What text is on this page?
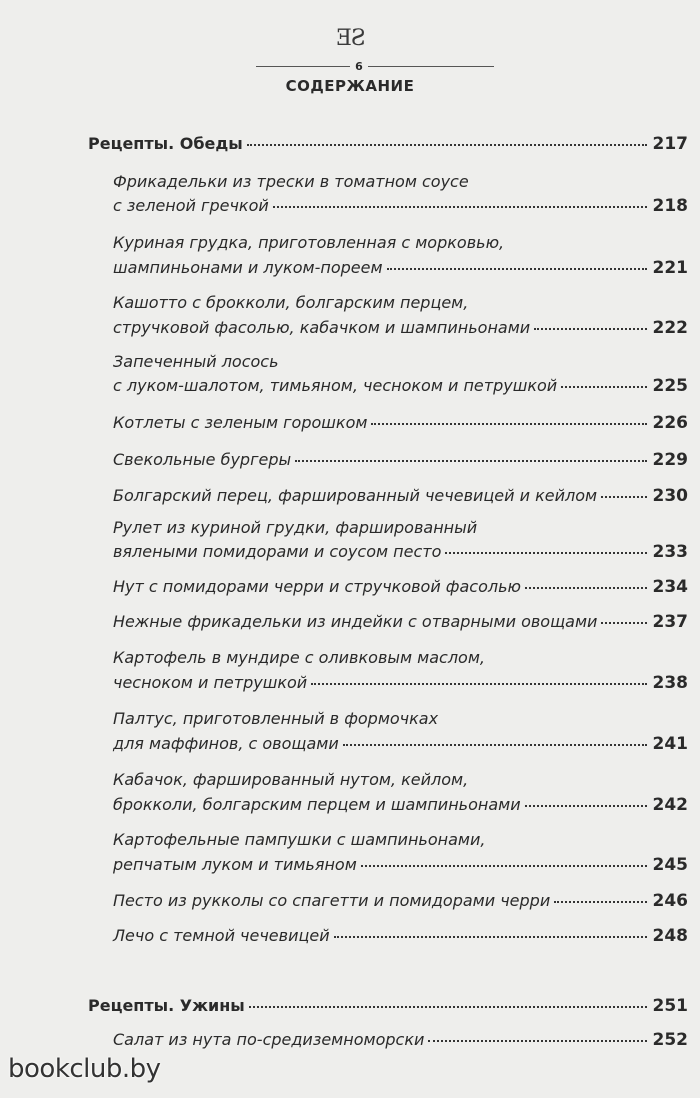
ƎƧ
6
СОДЕРЖАНИЕ
Рецепты. Обеды	217
Фрикадельки из трески в томатном соусе
с зеленой гречкой	218
Куриная грудка, приготовленная с морковью,
шампиньонами и луком-пореем	221
Кашотто с брокколи, болгарским перцем,
стручковой фасолью, кабачком и шампиньонами	222
Запеченный лосось
с луком-шалотом, тимьяном, чесноком и петрушкой	225
Котлеты с зеленым горошком	226
Свекольные бургеры	229
Болгарский перец, фаршированный чечевицей и кейлом	230
Рулет из куриной грудки, фаршированный
вялеными помидорами и соусом песто	233
Нут с помидорами черри и стручковой фасолью	234
Нежные фрикадельки из индейки с отварными овощами	237
Картофель в мундире с оливковым маслом,
чесноком и петрушкой	238
Палтус, приготовленный в формочках
для маффинов, с овощами	241
Кабачок, фаршированный нутом, кейлом,
брокколи, болгарским перцем и шампиньонами	242
Картофельные пампушки с шампиньонами,
репчатым луком и тимьяном	245
Песто из рукколы со спагетти и помидорами черри	246
Лечо с темной чечевицей	248
Рецепты. Ужины	251
Салат из нута по-средиземноморски	252
bookclub.by
